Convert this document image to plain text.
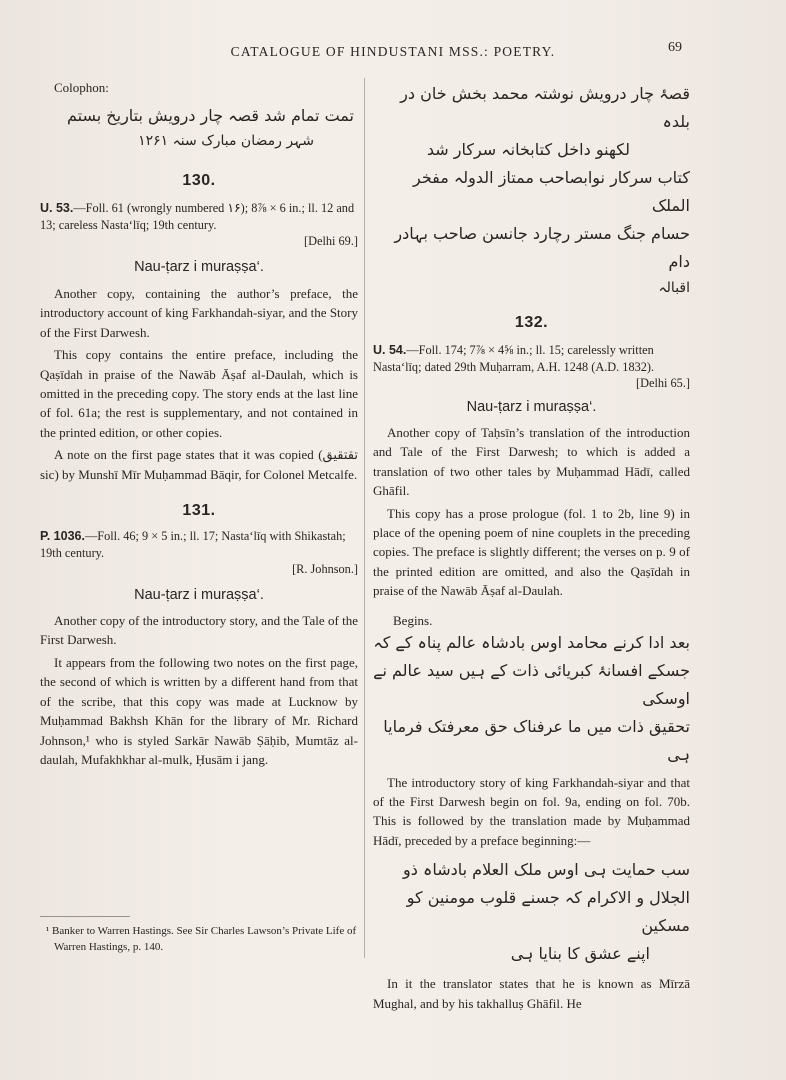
CATALOGUE OF HINDUSTANI MSS.: POETRY.	69
Colophon:

تمت تمام شد قصہ چار درویش بتاریخ بستم

شہر رمضان مبارک سنہ ۱۲۶۱

130.

U. 53.—Foll. 61 (wrongly numbered ۱۶); 8⅞ × 6 in.; ll. 12 and 13; careless Nasta‘līq; 19th century.

[Delhi 69.]

Nau-ṭarz i muraṣṣa‘.

Another copy, containing the author’s preface, the introductory account of king Farkhandah-siyar, and the Story of the First Darwesh.

This copy contains the entire preface, including the Qaṣīdah in praise of the Nawāb Āṣaf al-Daulah, which is omitted in the preceding copy. The story ends at the last line of fol. 61a; the rest is supplementary, and not contained in the printed edition, or other copies.

A note on the first page states that it was copied (تقتقیق sic) by Munshī Mīr Muḥammad Bāqir, for Colonel Metcalfe.

131.

P. 1036.—Foll. 46; 9 × 5 in.; ll. 17; Nasta‘līq with Shikastah; 19th century.

[R. Johnson.]

Nau-ṭarz i muraṣṣa‘.

Another copy of the introductory story, and the Tale of the First Darwesh.

It appears from the following two notes on the first page, the second of which is written by a different hand from that of the scribe, that this copy was made at Lucknow by Muḥammad Bakhsh Khān for the library of Mr. Richard Johnson,¹ who is styled Sarkār Nawāb Ṣāḥib, Mumtāz al-daulah, Mufakhkhar al-mulk, Ḥusām i jang.

¹ Banker to Warren Hastings. See Sir Charles Lawson’s Private Life of Warren Hastings, p. 140.

قصۂ چار درویش نوشتہ محمد بخش خان در بلدہ

لکھنو داخل کتابخانہ سرکار شد

کتاب سرکار نوابصاحب ممتاز الدولہ مفخر الملک

حسام جنگ مستر رچارد جانسن صاحب بہادر دام

اقبالہ

132.

U. 54.—Foll. 174; 7⅞ × 4⅝ in.; ll. 15; carelessly written Nasta‘līq; dated 29th Muḥarram, A.H. 1248 (A.D. 1832).

[Delhi 65.]

Nau-ṭarz i muraṣṣa‘.

Another copy of Taḥsīn’s translation of the introduction and Tale of the First Darwesh; to which is added a translation of two other tales by Muḥammad Hādī, called Ghāfil.

This copy has a prose prologue (fol. 1 to 2b, line 9) in place of the opening poem of nine couplets in the preceding copies. The preface is slightly different; the verses on p. 9 of the printed edition are omitted, and also the Qaṣīdah in praise of the Nawāb Āṣaf al-Daulah.

Begins.

بعد ادا کرنے محامد اوس بادشاہ عالم پناہ کے کہ

جسکے افسانۂ کبریائی ذات کے ہیں سید عالم نے اوسکی

تحقیق ذات میں ما عرفناک حق معرفتک فرمایا ہی

The introductory story of king Farkhandah-siyar and that of the First Darwesh begin on fol. 9a, ending on fol. 70b. This is followed by the translation made by Muḥammad Hādī, preceded by a preface beginning:—

سب حمایت ہی اوس ملک العلام بادشاہ ذو

الجلال و الاکرام کہ جسنے قلوب مومنین کو مسکین

اپنے عشق کا بنایا ہی

In it the translator states that he is known as Mīrzā Mughal, and by his takhalluṣ Ghāfil. He
